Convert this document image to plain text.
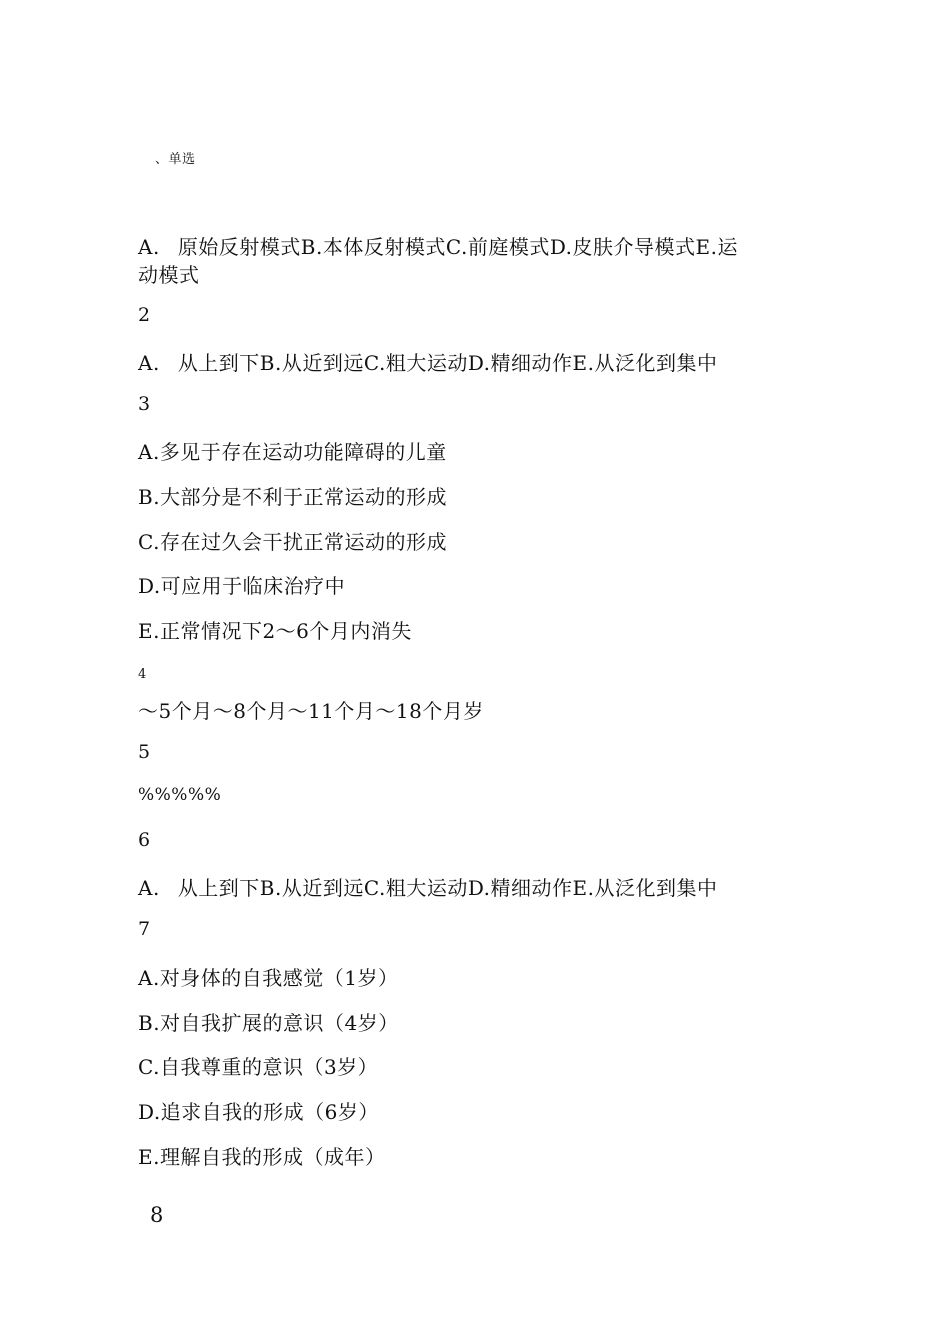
、单选
A. 原始反射模式B.本体反射模式C.前庭模式D.皮肤介导模式E.运
动模式
2
A. 从上到下B.从近到远C.粗大运动D.精细动作E.从泛化到集中
3
A.多见于存在运动功能障碍的儿童
B.大部分是不利于正常运动的形成
C.存在过久会干扰正常运动的形成
D.可应用于临床治疗中
E.正常情况下2〜6个月内消失
4
〜5个月〜8个月〜11个月〜18个月岁
5
%%%%%
6
A. 从上到下B.从近到远C.粗大运动D.精细动作E.从泛化到集中
7
A.对身体的自我感觉（1岁）
B.对自我扩展的意识（4岁）
C.自我尊重的意识（3岁）
D.追求自我的形成（6岁）
E.理解自我的形成（成年）
8
